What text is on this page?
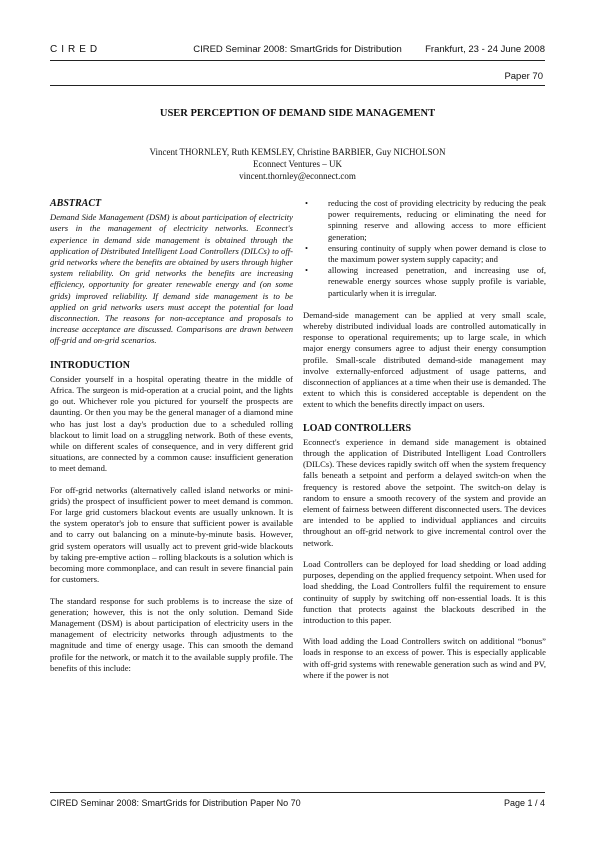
CIRED	CIRED Seminar 2008: SmartGrids for Distribution	Frankfurt, 23 - 24 June 2008
Paper 70
USER PERCEPTION OF DEMAND SIDE MANAGEMENT
Vincent THORNLEY, Ruth KEMSLEY, Christine BARBIER, Guy NICHOLSON
Econnect Ventures – UK
vincent.thornley@econnect.com
ABSTRACT

Demand Side Management (DSM) is about participation of electricity users in the management of electricity networks. Econnect's experience in demand side management is obtained through the application of Distributed Intelligent Load Controllers (DILCs) to off-grid networks where the benefits are obtained by users through higher system reliability. On grid networks the benefits are increasing efficiency, opportunity for greater renewable energy and (on some grids) improved reliability. If demand side management is to be applied on grid networks users must accept the potential for load disconnection. The reasons for non-acceptance and proposals to increase acceptance are discussed. Comparisons are drawn between off-grid and on-grid scenarios.

INTRODUCTION

Consider yourself in a hospital operating theatre in the middle of Africa. The surgeon is mid-operation at a crucial point, and the lights go out. Whichever role you pictured for yourself the prospects are daunting. Or then you may be the general manager of a diamond mine who has just lost a day's production due to a scheduled rolling blackout to limit load on a struggling network. Both of these events, while on different scales of consequence, and in very different grid situations, are connected by a common cause: insufficient generation to meet demand.

For off-grid networks (alternatively called island networks or mini-grids) the prospect of insufficient power to meet demand is common. For large grid customers blackout events are usually unknown. It is the system operator's job to ensure that sufficient power is available and to carry out balancing on a minute-by-minute basis. However, grid system operators will usually act to prevent grid-wide blackouts by taking pre-emptive action – rolling blackouts is a solution which is becoming more commonplace, and can result in severe financial pain for customers.

The standard response for such problems is to increase the size of generation; however, this is not the only solution. Demand Side Management (DSM) is about participation of electricity users in the management of electricity networks through adjustments to the magnitude and time of energy usage. This can smooth the demand profile for the network, or match it to the available supply profile. The benefits of this include:

• reducing the cost of providing electricity by reducing the peak power requirements, reducing or eliminating the need for spinning reserve and allowing access to more efficient generation;
• ensuring continuity of supply when power demand is close to the maximum power system supply capacity; and
• allowing increased penetration, and increasing use of, renewable energy sources whose supply profile is variable, particularly when it is irregular.

Demand-side management can be applied at very small scale, whereby distributed individual loads are controlled automatically in response to operational requirements; up to large scale, in which major energy consumers agree to adjust their energy consumption profile. Small-scale distributed demand-side management may involve externally-enforced adjustment of usage patterns, and disconnection of appliances at a time when their use is demanded. The extent to which this is considered acceptable is dependent on the extent to which the benefits directly impact on users.

LOAD CONTROLLERS

Econnect's experience in demand side management is obtained through the application of Distributed Intelligent Load Controllers (DILCs). These devices rapidly switch off when the system frequency falls beneath a setpoint and perform a delayed switch-on when the frequency is restored above the setpoint. The switch-on delay is random to ensure a smooth recovery of the system and provide an element of fairness between different disconnected users. The devices are intended to be applied to individual appliances and circuits throughout an off-grid network to give incremental control over the network.

Load Controllers can be deployed for load shedding or load adding purposes, depending on the applied frequency setpoint. When used for load shedding, the Load Controllers fulfil the requirement to ensure continuity of supply by switching off non-essential loads. It is this function that protects against the blackouts described in the introduction to this paper.

With load adding the Load Controllers switch on additional “bonus” loads in response to an excess of power. This is especially applicable with off-grid systems with renewable generation such as wind and PV, where if the power is not

CIRED Seminar 2008: SmartGrids for Distribution Paper No 70	Page 1 / 4
